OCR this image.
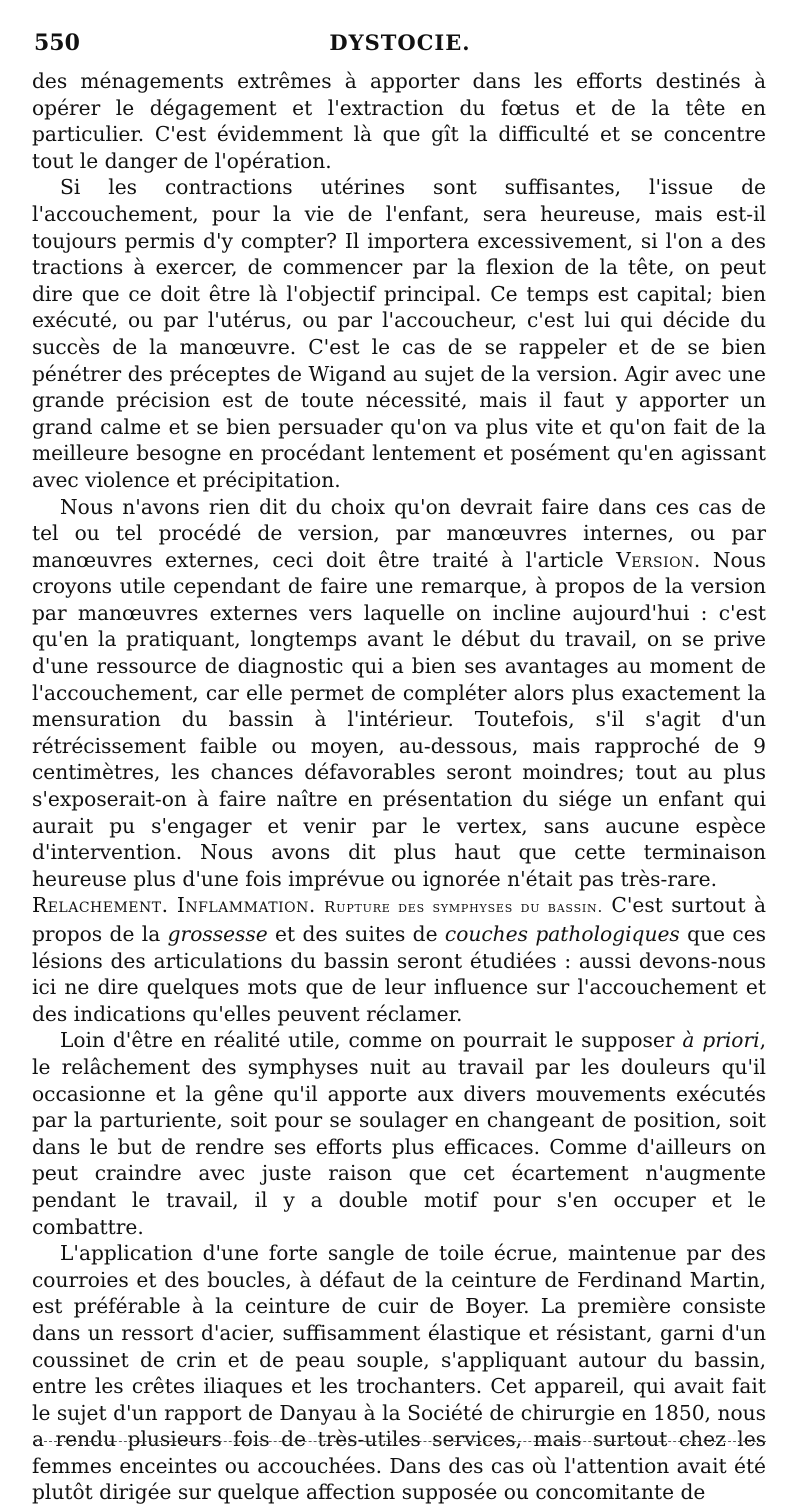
550	DYSTOCIE.

des ménagements extrêmes à apporter dans les efforts destinés à opérer le dégagement et l'extraction du fœtus et de la tête en particulier. C'est évidemment là que gît la difficulté et se concentre tout le danger de l'opération.

Si les contractions utérines sont suffisantes, l'issue de l'accouchement, pour la vie de l'enfant, sera heureuse, mais est-il toujours permis d'y compter? Il importera excessivement, si l'on a des tractions à exercer, de commencer par la flexion de la tête, on peut dire que ce doit être là l'objectif principal. Ce temps est capital; bien exécuté, ou par l'utérus, ou par l'accoucheur, c'est lui qui décide du succès de la manœuvre. C'est le cas de se rappeler et de se bien pénétrer des préceptes de Wigand au sujet de la version. Agir avec une grande précision est de toute nécessité, mais il faut y apporter un grand calme et se bien persuader qu'on va plus vite et qu'on fait de la meilleure besogne en procédant lentement et posément qu'en agissant avec violence et précipitation.

Nous n'avons rien dit du choix qu'on devrait faire dans ces cas de tel ou tel procédé de version, par manœuvres internes, ou par manœuvres externes, ceci doit être traité à l'article Version. Nous croyons utile cependant de faire une remarque, à propos de la version par manœuvres externes vers laquelle on incline aujourd'hui : c'est qu'en la pratiquant, longtemps avant le début du travail, on se prive d'une ressource de diagnostic qui a bien ses avantages au moment de l'accouchement, car elle permet de compléter alors plus exactement la mensuration du bassin à l'intérieur. Toutefois, s'il s'agit d'un rétrécissement faible ou moyen, au-dessous, mais rapproché de 9 centimètres, les chances défavorables seront moindres; tout au plus s'exposerait-on à faire naître en présentation du siége un enfant qui aurait pu s'engager et venir par le vertex, sans aucune espèce d'intervention. Nous avons dit plus haut que cette terminaison heureuse plus d'une fois imprévue ou ignorée n'était pas très-rare.

Relachement. Inflammation. Rupture des symphyses du bassin. C'est surtout à propos de la grossesse et des suites de couches pathologiques que ces lésions des articulations du bassin seront étudiées : aussi devons-nous ici ne dire quelques mots que de leur influence sur l'accouchement et des indications qu'elles peuvent réclamer.

Loin d'être en réalité utile, comme on pourrait le supposer à priori, le relâchement des symphyses nuit au travail par les douleurs qu'il occasionne et la gêne qu'il apporte aux divers mouvements exécutés par la parturiente, soit pour se soulager en changeant de position, soit dans le but de rendre ses efforts plus efficaces. Comme d'ailleurs on peut craindre avec juste raison que cet écartement n'augmente pendant le travail, il y a double motif pour s'en occuper et le combattre.

L'application d'une forte sangle de toile écrue, maintenue par des courroies et des boucles, à défaut de la ceinture de Ferdinand Martin, est préférable à la ceinture de cuir de Boyer. La première consiste dans un ressort d'acier, suffisamment élastique et résistant, garni d'un coussinet de crin et de peau souple, s'appliquant autour du bassin, entre les crêtes iliaques et les trochanters. Cet appareil, qui avait fait le sujet d'un rapport de Danyau à la Société de chirurgie en 1850, nous a rendu plusieurs fois de très-utiles services, mais surtout chez les femmes enceintes ou accouchées. Dans des cas où l'attention avait été plutôt dirigée sur quelque affection supposée ou concomitante de
